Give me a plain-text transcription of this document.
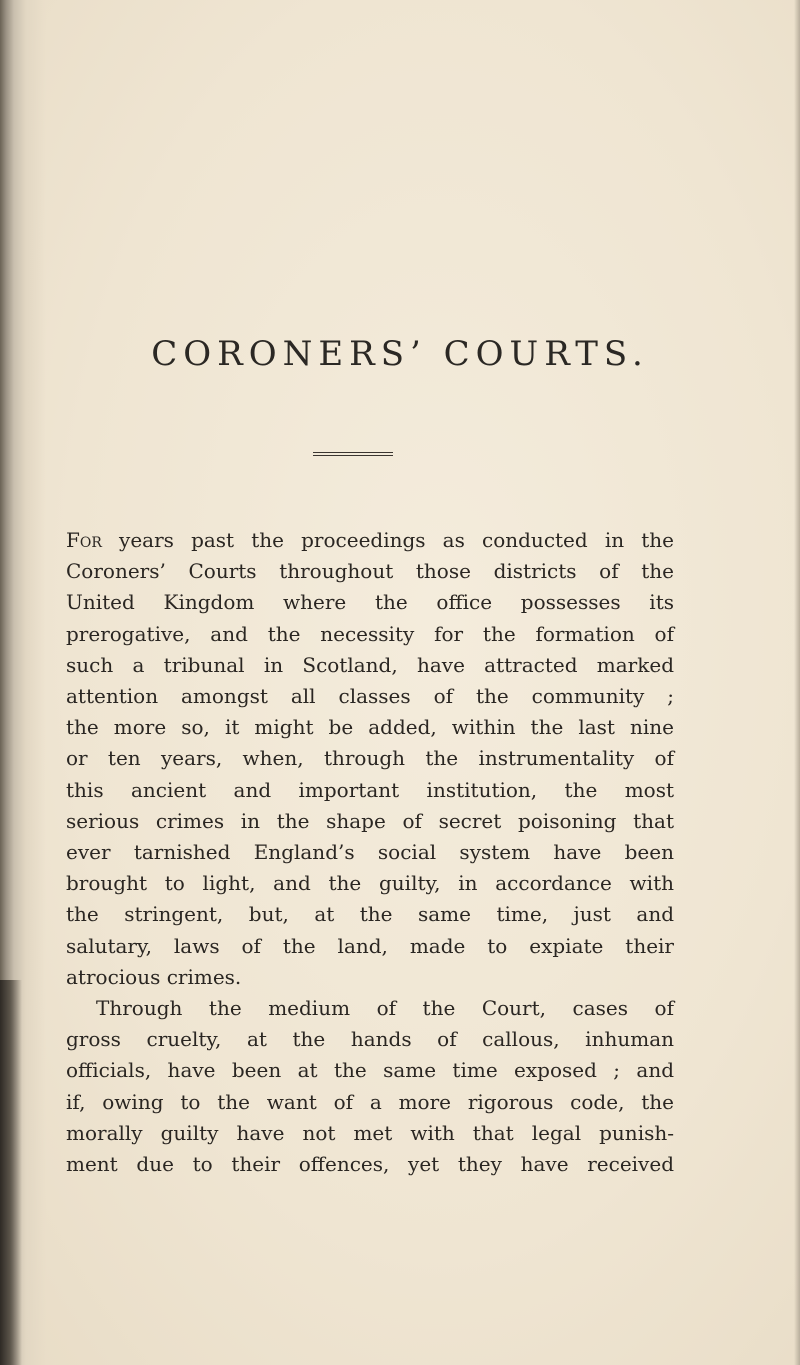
CORONERS’ COURTS.
For years past the proceedings as conducted in the
Coroners’ Courts throughout those districts of the
United Kingdom where the office possesses its
prerogative, and the necessity for the formation of
such a tribunal in Scotland, have attracted marked
attention amongst all classes of the community ;
the more so, it might be added, within the last nine
or ten years, when, through the instrumentality of
this ancient and important institution, the most
serious crimes in the shape of secret poisoning that
ever tarnished England’s social system have been
brought to light, and the guilty, in accordance with
the stringent, but, at the same time, just and
salutary, laws of the land, made to expiate their
atrocious crimes.
Through the medium of the Court, cases of
gross cruelty, at the hands of callous, inhuman
officials, have been at the same time exposed ; and
if, owing to the want of a more rigorous code, the
morally guilty have not met with that legal punish-
ment due to their offences, yet they have received
